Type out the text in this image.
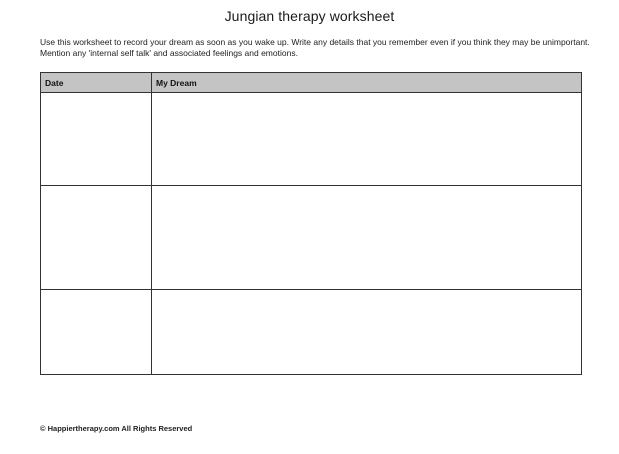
Jungian therapy worksheet
Use this worksheet to record your dream as soon as you wake up. Write any details that you remember even if you think they may be unimportant. Mention any 'internal self talk' and associated feelings and emotions.
Date	My Dream

© Happiertherapy.com All Rights Reserved
